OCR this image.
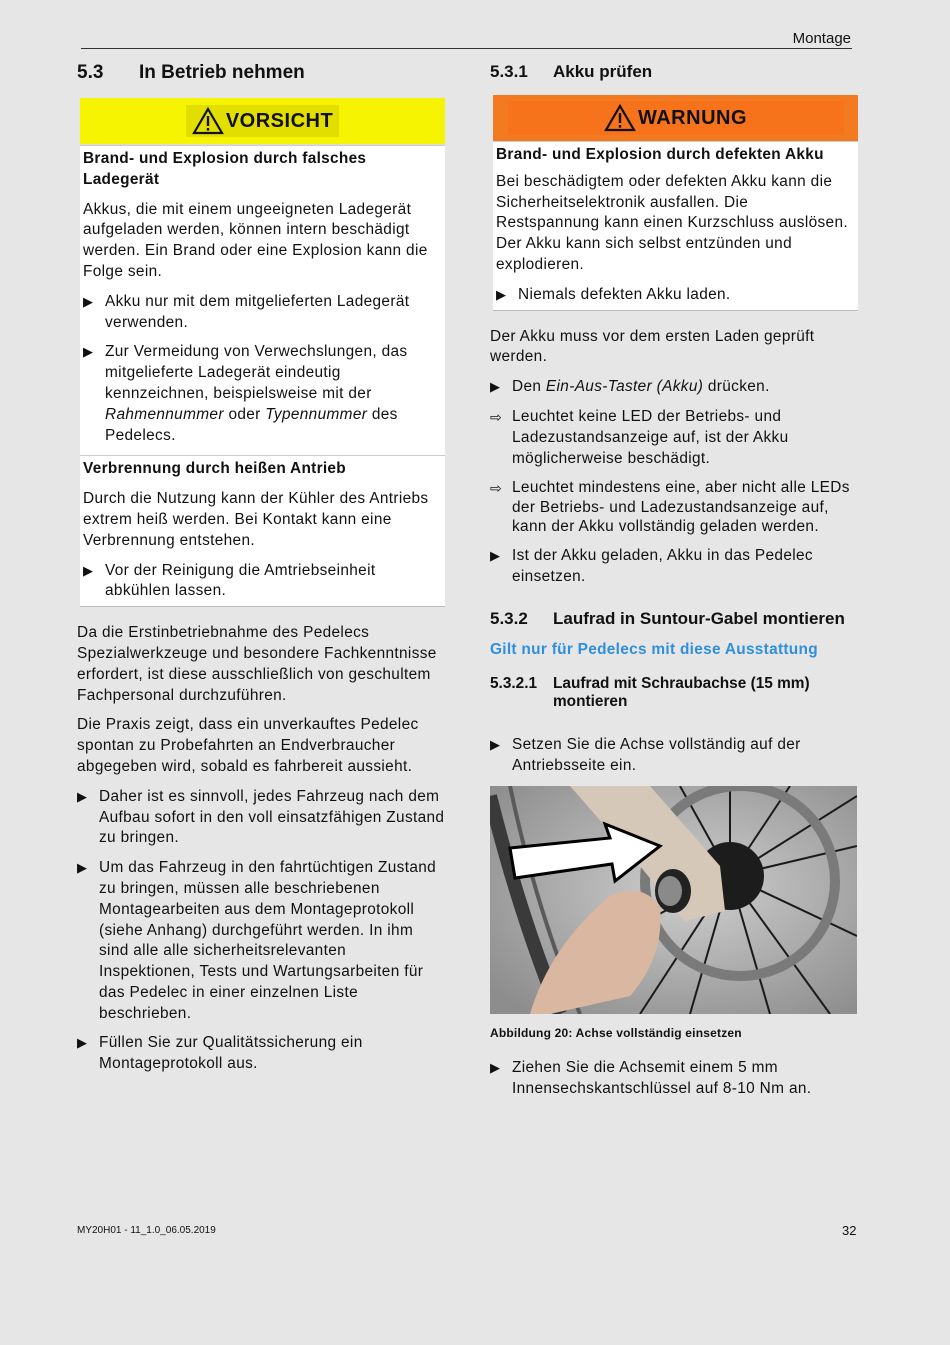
Montage
5.3	In Betrieb nehmen
VORSICHT
Brand- und Explosion durch falsches Ladegerät

Akkus, die mit einem ungeeigneten Ladegerät aufgeladen werden, können intern beschädigt werden. Ein Brand oder eine Explosion kann die Folge sein.

▶ Akku nur mit dem mitgelieferten Ladegerät verwenden.
▶ Zur Vermeidung von Verwechslungen, das mitgelieferte Ladegerät eindeutig kennzeichnen, beispielsweise mit der Rahmennummer oder Typennummer des Pedelecs.
Verbrennung durch heißen Antrieb

Durch die Nutzung kann der Kühler des Antriebs extrem heiß werden. Bei Kontakt kann eine Verbrennung entstehen.

▶ Vor der Reinigung die Amtriebseinheit abkühlen lassen.

Da die Erstinbetriebnahme des Pedelecs Spezialwerkzeuge und besondere Fachkenntnisse erfordert, ist diese ausschließlich von geschultem Fachpersonal durchzuführen.

Die Praxis zeigt, dass ein unverkauftes Pedelec spontan zu Probefahrten an Endverbraucher abgegeben wird, sobald es fahrbereit aussieht.

▶ Daher ist es sinnvoll, jedes Fahrzeug nach dem Aufbau sofort in den voll einsatzfähigen Zustand zu bringen.
▶ Um das Fahrzeug in den fahrtüchtigen Zustand zu bringen, müssen alle beschriebenen Montagearbeiten aus dem Montageprotokoll (siehe Anhang) durchgeführt werden. In ihm sind alle alle sicherheitsrelevanten Inspektionen, Tests und Wartungsarbeiten für das Pedelec in einer einzelnen Liste beschrieben.
▶ Füllen Sie zur Qualitätssicherung ein Montageprotokoll aus.
5.3.1	Akku prüfen
WARNUNG
Brand- und Explosion durch defekten Akku

Bei beschädigtem oder defekten Akku kann die Sicherheitselektronik ausfallen. Die Restspannung kann einen Kurzschluss auslösen. Der Akku kann sich selbst entzünden und explodieren.

▶ Niemals defekten Akku laden.

Der Akku muss vor dem ersten Laden geprüft werden.

▶ Den Ein-Aus-Taster (Akku) drücken.
⇨ Leuchtet keine LED der Betriebs- und Ladezustandsanzeige auf, ist der Akku möglicherweise beschädigt.
⇨ Leuchtet mindestens eine, aber nicht alle LEDs der Betriebs- und Ladezustandsanzeige auf, kann der Akku vollständig geladen werden.
▶ Ist der Akku geladen, Akku in das Pedelec einsetzen.
5.3.2	Laufrad in Suntour-Gabel montieren

Gilt nur für Pedelecs mit diese Ausstattung

5.3.2.1	Laufrad mit Schraubachse (15 mm) montieren
▶ Setzen Sie die Achse vollständig auf der Antriebsseite ein.
Abbildung 20: Achse vollständig einsetzen
▶ Ziehen Sie die Achsemit einem 5 mm Innensechskantschlüssel auf 8-10 Nm an.
MY20H01 - 11_1.0_06.05.2019	32
